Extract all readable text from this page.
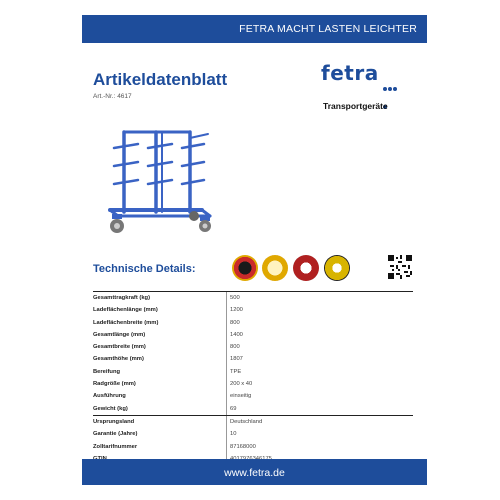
FETRA MACHT LASTEN LEICHTER
Artikeldatenblatt
Art.-Nr.: 4617
fetra
Transportgeräte
Technische Details:
Gesamttragkraft (kg)	500
Ladeflächenlänge (mm)	1200
Ladeflächenbreite (mm)	800
Gesamtlänge (mm)	1400
Gesamtbreite (mm)	800
Gesamthöhe (mm)	1807
Bereifung	TPE
Radgröße (mm)	200 x 40
Ausführung	einseitig
Gewicht (kg)	69
Ursprungsland	Deutschland
Garantie (Jahre)	10
Zolltarifnummer	87168000
www.fetra.de
